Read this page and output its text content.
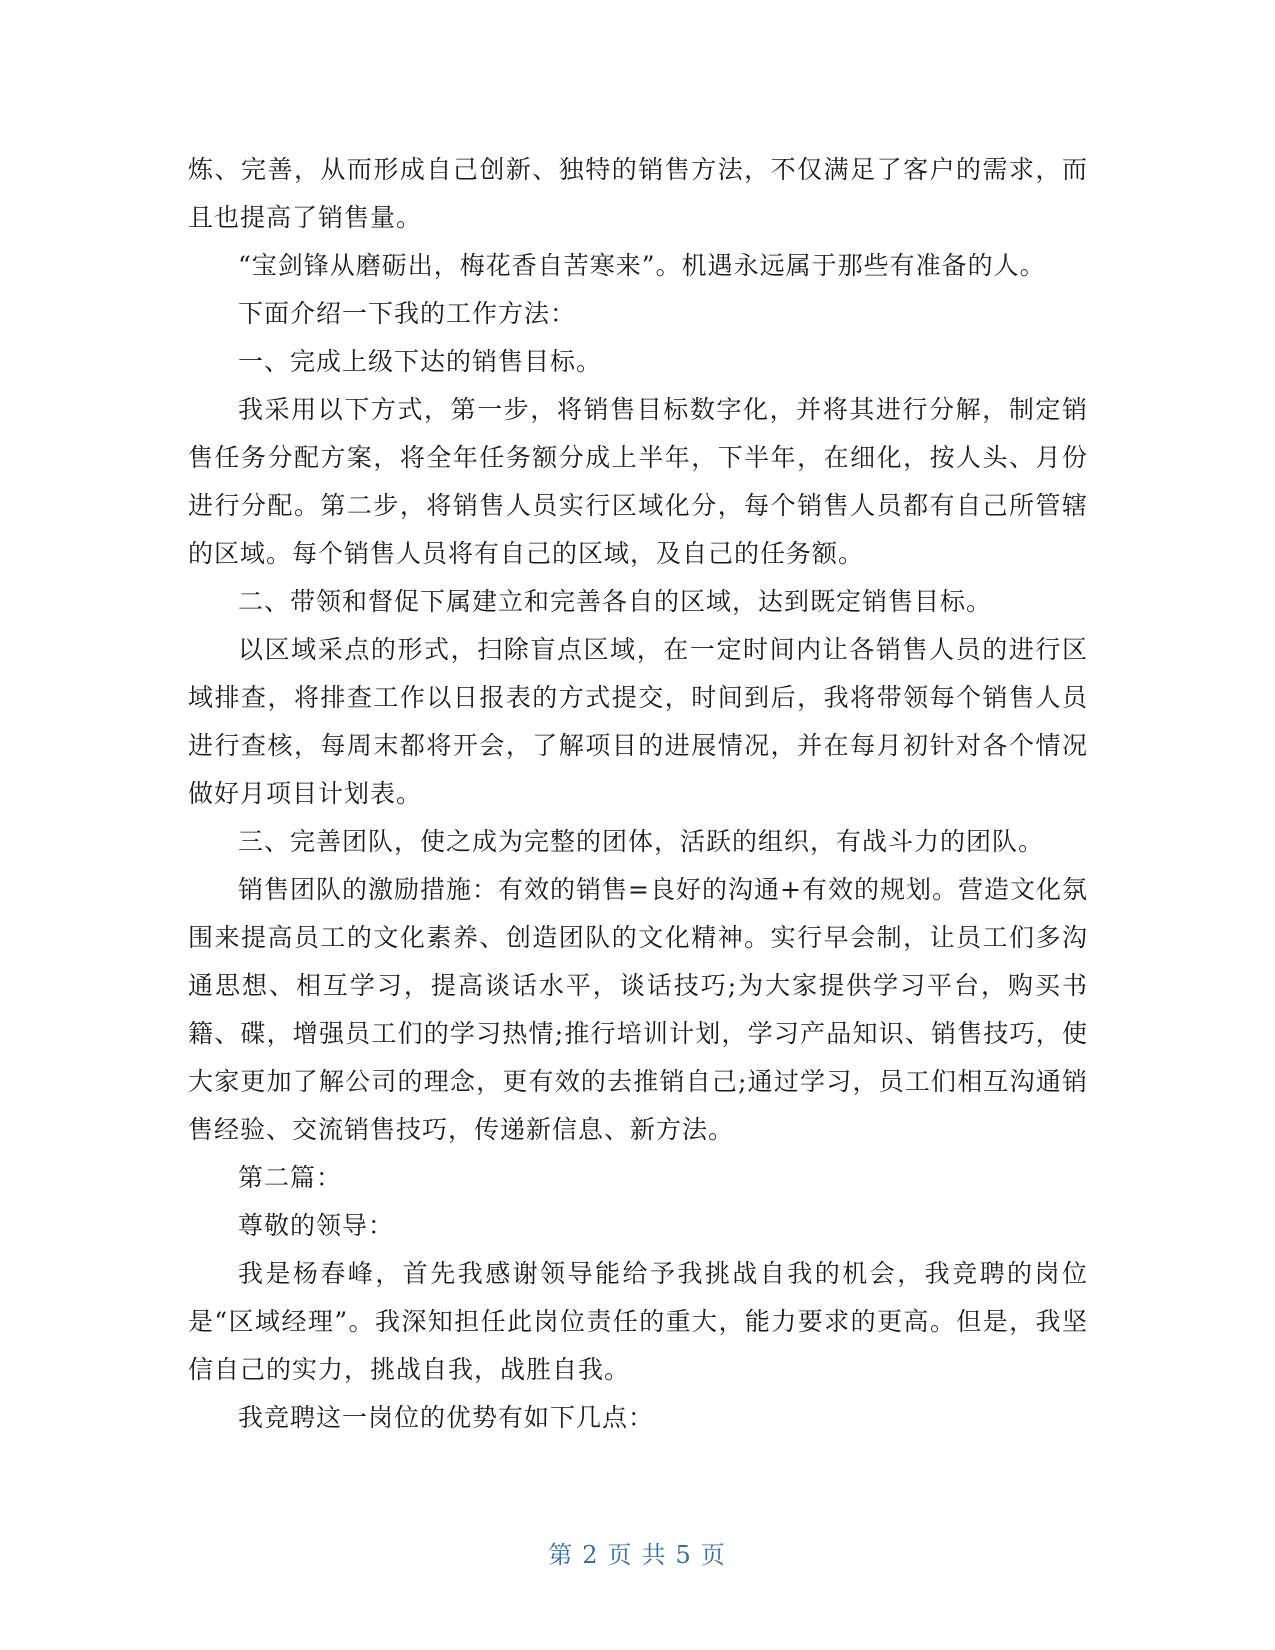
炼、完善，从而形成自己创新、独特的销售方法，不仅满足了客户的需求，而且也提高了销售量。

“宝剑锋从磨砺出，梅花香自苦寒来”。机遇永远属于那些有准备的人。

下面介绍一下我的工作方法：

一、完成上级下达的销售目标。

我采用以下方式，第一步，将销售目标数字化，并将其进行分解，制定销售任务分配方案，将全年任务额分成上半年，下半年，在细化，按人头、月份进行分配。第二步，将销售人员实行区域化分，每个销售人员都有自己所管辖的区域。每个销售人员将有自己的区域，及自己的任务额。

二、带领和督促下属建立和完善各自的区域，达到既定销售目标。

以区域采点的形式，扫除盲点区域，在一定时间内让各销售人员的进行区域排查，将排查工作以日报表的方式提交，时间到后，我将带领每个销售人员进行查核，每周末都将开会，了解项目的进展情况，并在每月初针对各个情况做好月项目计划表。

三、完善团队，使之成为完整的团体，活跃的组织，有战斗力的团队。

销售团队的激励措施：有效的销售=良好的沟通+有效的规划。营造文化氛围来提高员工的文化素养、创造团队的文化精神。实行早会制，让员工们多沟通思想、相互学习，提高谈话水平，谈话技巧;为大家提供学习平台，购买书籍、碟，增强员工们的学习热情;推行培训计划，学习产品知识、销售技巧，使大家更加了解公司的理念，更有效的去推销自己;通过学习，员工们相互沟通销售经验、交流销售技巧，传递新信息、新方法。

第二篇：

尊敬的领导：

我是杨春峰，首先我感谢领导能给予我挑战自我的机会，我竞聘的岗位是“区域经理”。我深知担任此岗位责任的重大，能力要求的更高。但是，我坚信自己的实力，挑战自我，战胜自我。

我竞聘这一岗位的优势有如下几点：

第 2 页 共 5 页
